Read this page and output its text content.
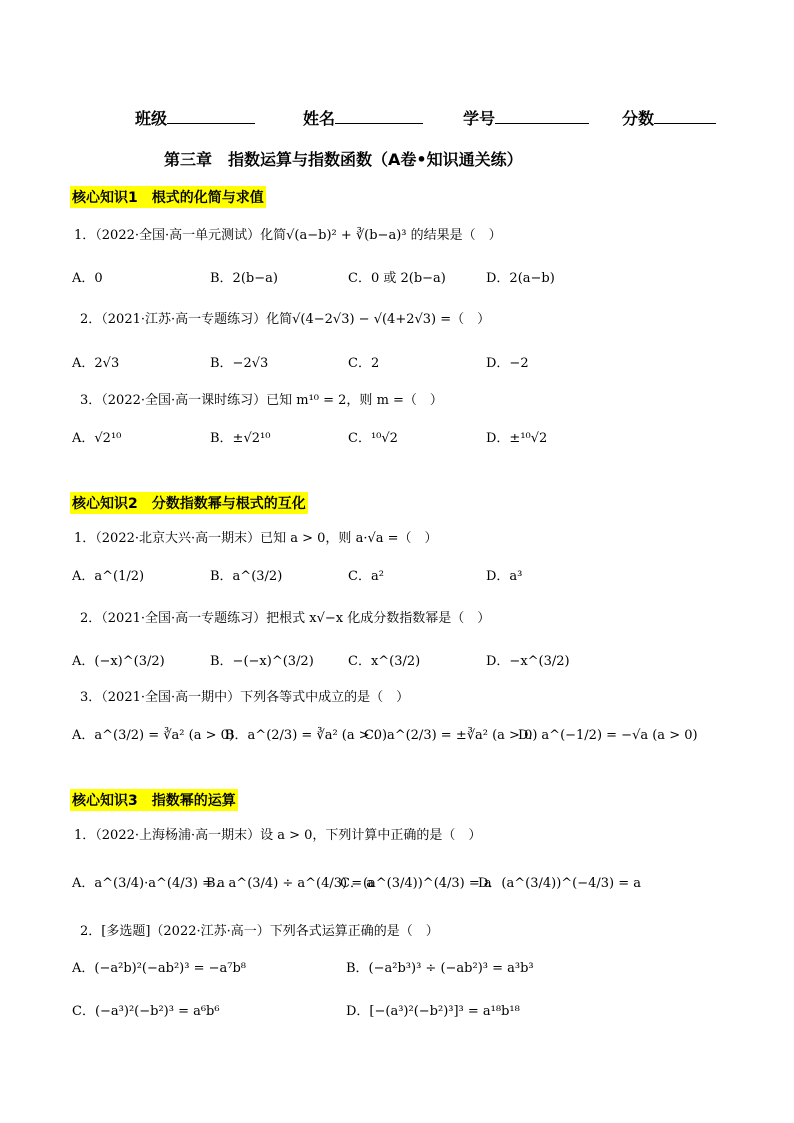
班级	姓名	学号	分数
第三章　指数运算与指数函数（A卷•知识通关练）
核心知识1　根式的化简与求值
1．（2022·全国·高一单元测试）化简√(a−b)² + ∛(b−a)³ 的结果是（　）
A．0	B．2(b−a)	C．0 或 2(b−a)	D．2(a−b)
2．（2021·江苏·高一专题练习）化简√(4−2√3) − √(4+2√3) =（　）
A．2√3	B．−2√3	C．2	D．−2
3．（2022·全国·高一课时练习）已知 m¹⁰ = 2，则 m =（　）
A．√2¹⁰	B．±√2¹⁰	C．¹⁰√2	D．±¹⁰√2
核心知识2　分数指数幂与根式的互化
1．（2022·北京大兴·高一期末）已知 a > 0，则 a·√a =（　）
A．a^(1/2)	B．a^(3/2)	C．a²	D．a³
2．（2021·全国·高一专题练习）把根式 x√−x 化成分数指数幂是（　）
A．(−x)^(3/2)	B．−(−x)^(3/2)	C．x^(3/2)	D．−x^(3/2)
3．（2021·全国·高一期中）下列各等式中成立的是（　）
A．a^(3/2) = ∛a² (a > 0)
B．a^(2/3) = ∛a² (a > 0)
C．a^(2/3) = ±∛a² (a > 0)
D．a^(−1/2) = −√a (a > 0)
核心知识3　指数幂的运算
1．（2022·上海杨浦·高一期末）设 a > 0，下列计算中正确的是（　）
A．a^(3/4)·a^(4/3) = a
B．a^(3/4) ÷ a^(4/3) = a
C．(a^(3/4))^(4/3) = a
D．(a^(3/4))^(−4/3) = a
2．[多选题]（2022·江苏·高一）下列各式运算正确的是（　）
A．(−a²b)²(−ab²)³ = −a⁷b⁸	B．(−a²b³)³ ÷ (−ab²)³ = a³b³
C．(−a³)²(−b²)³ = a⁶b⁶	D．[−(a³)²(−b²)³]³ = a¹⁸b¹⁸
